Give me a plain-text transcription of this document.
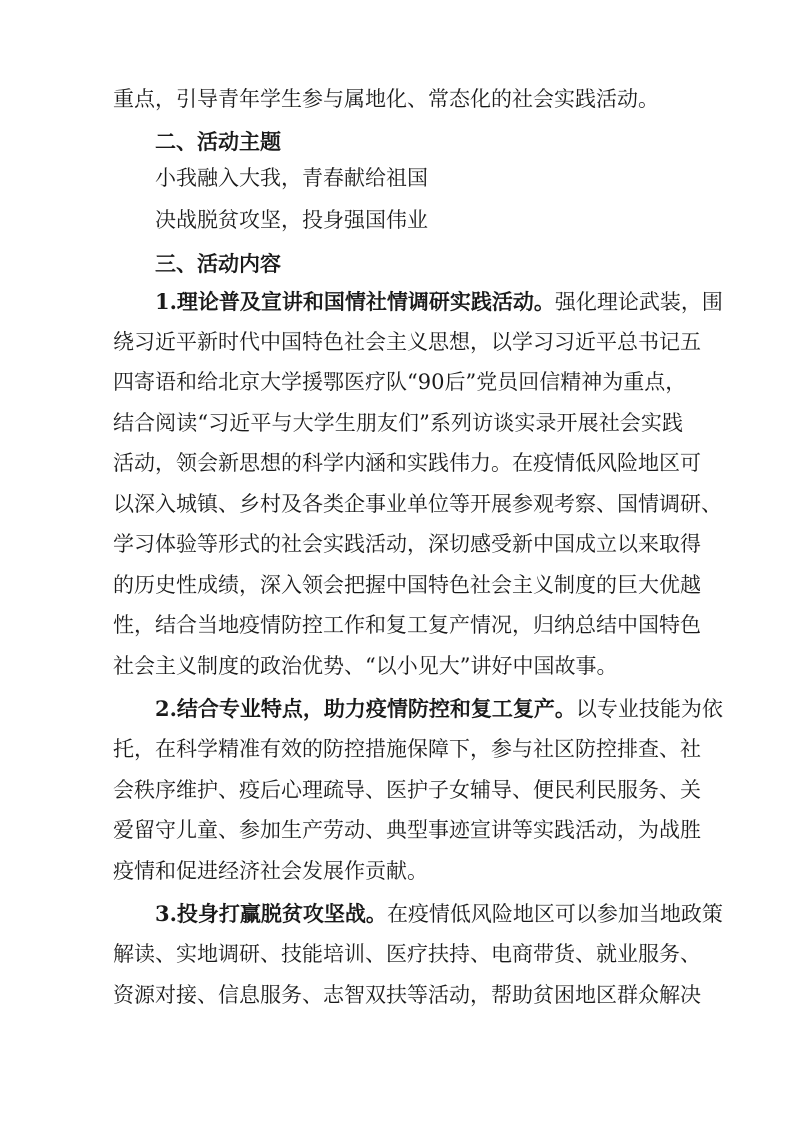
重点，引导青年学生参与属地化、常态化的社会实践活动。
二、活动主题
小我融入大我，青春献给祖国
决战脱贫攻坚，投身强国伟业
三、活动内容
1.理论普及宣讲和国情社情调研实践活动。强化理论武装，围
绕习近平新时代中国特色社会主义思想，以学习习近平总书记五
四寄语和给北京大学援鄂医疗队“90后”党员回信精神为重点，
结合阅读“习近平与大学生朋友们”系列访谈实录开展社会实践
活动，领会新思想的科学内涵和实践伟力。在疫情低风险地区可
以深入城镇、乡村及各类企事业单位等开展参观考察、国情调研、
学习体验等形式的社会实践活动，深切感受新中国成立以来取得
的历史性成绩，深入领会把握中国特色社会主义制度的巨大优越
性，结合当地疫情防控工作和复工复产情况，归纳总结中国特色
社会主义制度的政治优势、“以小见大”讲好中国故事。
2.结合专业特点，助力疫情防控和复工复产。以专业技能为依
托，在科学精准有效的防控措施保障下，参与社区防控排查、社
会秩序维护、疫后心理疏导、医护子女辅导、便民利民服务、关
爱留守儿童、参加生产劳动、典型事迹宣讲等实践活动，为战胜
疫情和促进经济社会发展作贡献。
3.投身打赢脱贫攻坚战。在疫情低风险地区可以参加当地政策
解读、实地调研、技能培训、医疗扶持、电商带货、就业服务、
资源对接、信息服务、志智双扶等活动，帮助贫困地区群众解决
